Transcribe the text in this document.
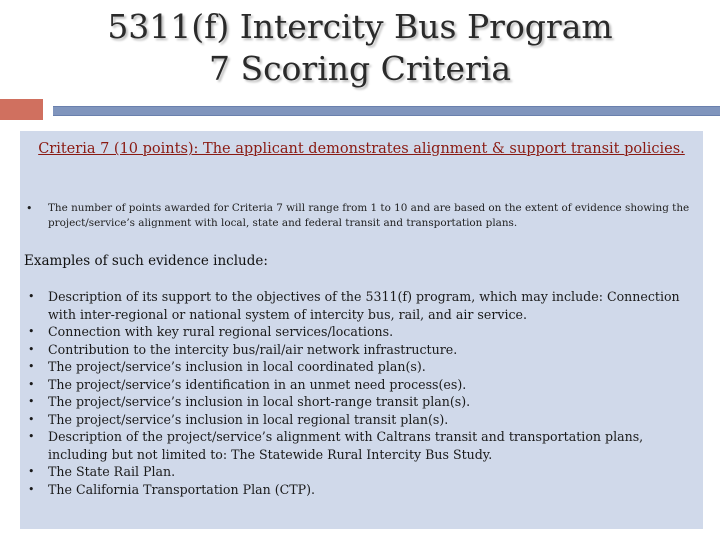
5311(f) Intercity Bus Program
7 Scoring Criteria
Criteria 7 (10 points): The applicant demonstrates alignment & support transit policies.
• The number of points awarded for Criteria 7 will range from 1 to 10 and are based on the extent of evidence showing the project/service’s alignment with local, state and federal transit and transportation plans.
Examples of such evidence include:
• Description of its support to the objectives of the 5311(f) program, which may include: Connection with inter-regional or national system of intercity bus, rail, and air service.
• Connection with key rural regional services/locations.
• Contribution to the intercity bus/rail/air network infrastructure.
• The project/service’s inclusion in local coordinated plan(s).
• The project/service’s identification in an unmet need process(es).
• The project/service’s inclusion in local short-range transit plan(s).
• The project/service’s inclusion in local regional transit plan(s).
• Description of the project/service’s alignment with Caltrans transit and transportation plans, including but not limited to: The Statewide Rural Intercity Bus Study.
• The State Rail Plan.
• The California Transportation Plan (CTP).
